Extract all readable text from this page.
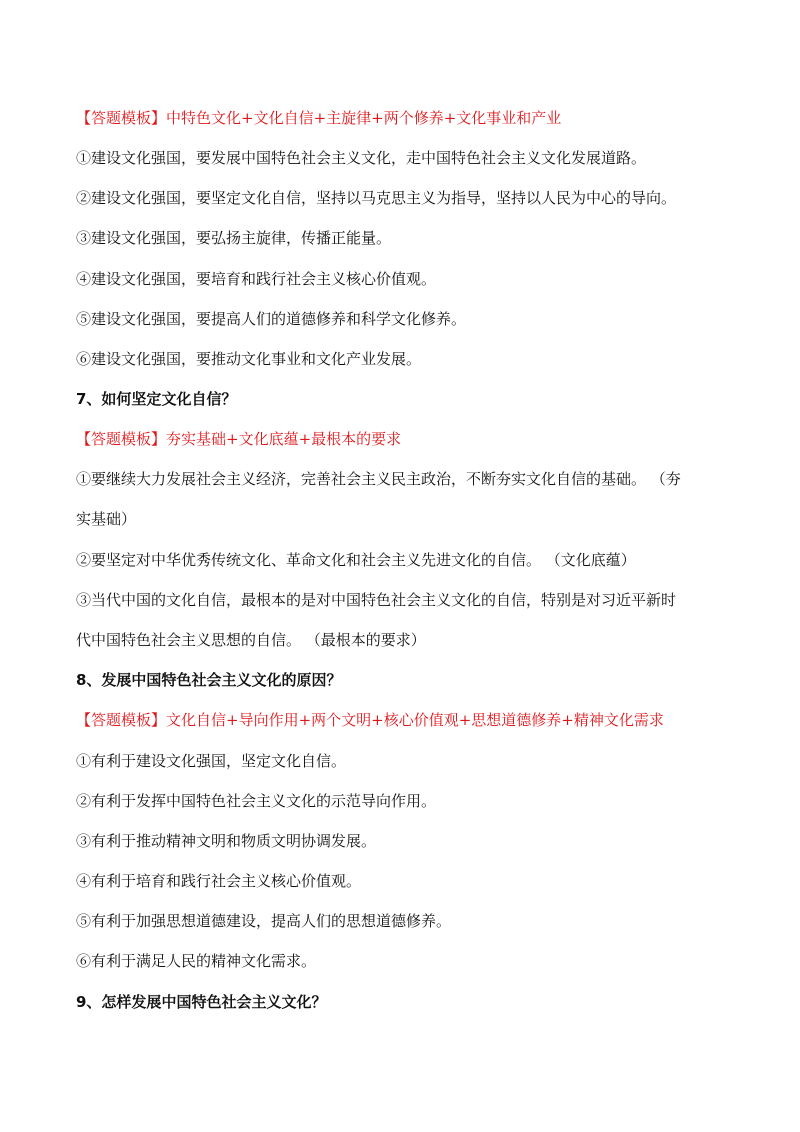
【答题模板】中特色文化+文化自信+主旋律+两个修养+文化事业和产业
①建设文化强国，要发展中国特色社会主义文化，走中国特色社会主义文化发展道路。
②建设文化强国，要坚定文化自信，坚持以马克思主义为指导，坚持以人民为中心的导向。
③建设文化强国，要弘扬主旋律，传播正能量。
④建设文化强国，要培育和践行社会主义核心价值观。
⑤建设文化强国，要提高人们的道德修养和科学文化修养。
⑥建设文化强国，要推动文化事业和文化产业发展。
7、如何坚定文化自信？
【答题模板】夯实基础+文化底蕴+最根本的要求
①要继续大力发展社会主义经济，完善社会主义民主政治，不断夯实文化自信的基础。 （夯
实基础）
②要坚定对中华优秀传统文化、革命文化和社会主义先进文化的自信。 （文化底蕴）
③当代中国的文化自信，最根本的是对中国特色社会主义文化的自信，特别是对习近平新时
代中国特色社会主义思想的自信。 （最根本的要求）
8、发展中国特色社会主义文化的原因？
【答题模板】文化自信+导向作用+两个文明+核心价值观+思想道德修养+精神文化需求
①有利于建设文化强国，坚定文化自信。
②有利于发挥中国特色社会主义文化的示范导向作用。
③有利于推动精神文明和物质文明协调发展。
④有利于培育和践行社会主义核心价值观。
⑤有利于加强思想道德建设，提高人们的思想道德修养。
⑥有利于满足人民的精神文化需求。
9、怎样发展中国特色社会主义文化？
